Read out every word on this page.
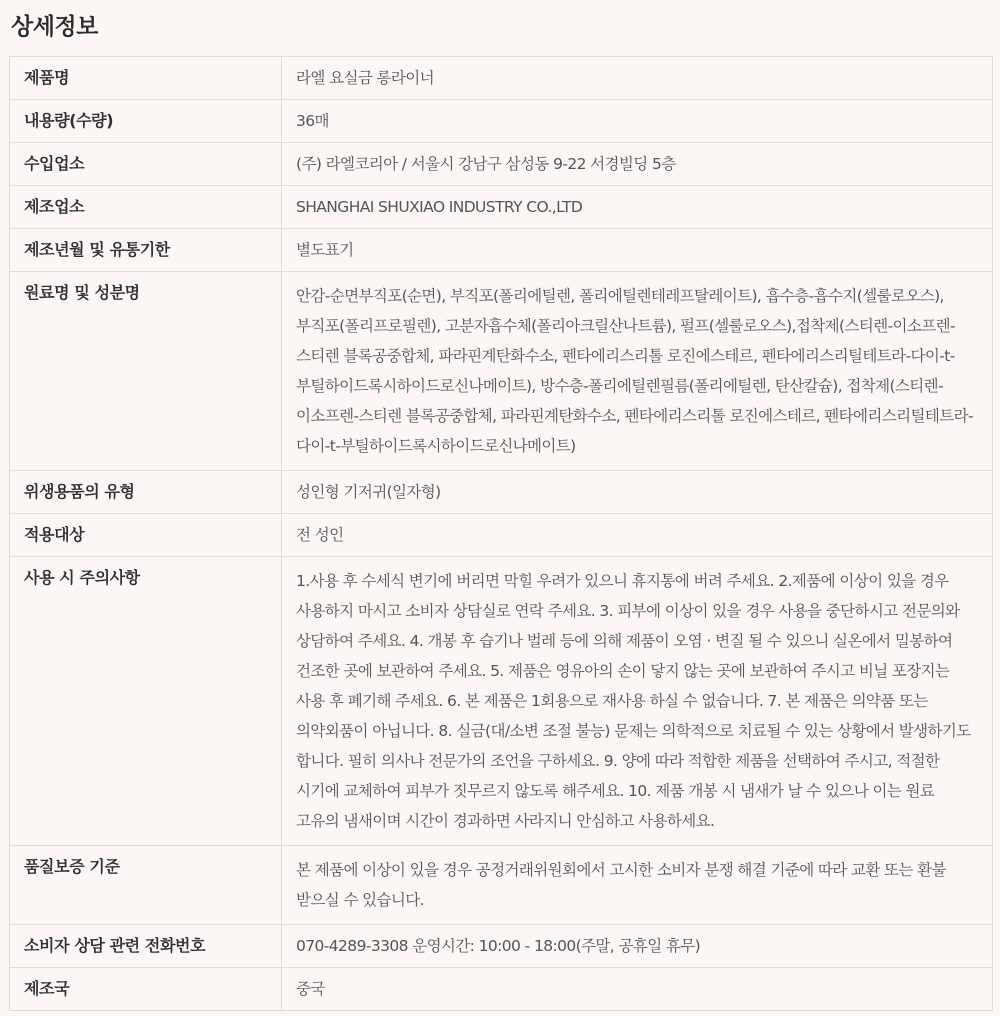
상세정보
제품명	라엘 요실금 롱라이너
내용량(수량)	36매
수입업소	(주) 라엘코리아 / 서울시 강남구 삼성동 9-22 서경빌딩 5층
제조업소	SHANGHAI SHUXIAO INDUSTRY CO.,LTD
제조년월 및 유통기한	별도표기
원료명 및 성분명	안감-순면부직포(순면), 부직포(폴리에틸렌, 폴리에틸렌테레프탈레이트), 흡수층-흡수지(셀룰로오스), 부직포(폴리프로필렌), 고분자흡수체(폴리아크릴산나트륨), 펄프(셀룰로오스),접착제(스티렌-이소프렌-스티렌 블록공중합체, 파라핀계탄화수소, 펜타에리스리톨 로진에스테르, 펜타에리스리틸테트라-다이-t-부틸하이드록시하이드로신나메이트), 방수층-폴리에틸렌필름(폴리에틸렌, 탄산칼슘), 접착제(스티렌-이소프렌-스티렌 블록공중합체, 파라핀계탄화수소, 펜타에리스리톨 로진에스테르, 펜타에리스리틸테트라-다이-t-부틸하이드록시하이드로신나메이트)
위생용품의 유형	성인형 기저귀(일자형)
적용대상	전 성인
사용 시 주의사항	1.사용 후 수세식 변기에 버리면 막힐 우려가 있으니 휴지통에 버려 주세요. 2.제품에 이상이 있을 경우 사용하지 마시고 소비자 상담실로 연락 주세요. 3. 피부에 이상이 있을 경우 사용을 중단하시고 전문의와 상담하여 주세요. 4. 개봉 후 습기나 벌레 등에 의해 제품이 오염 · 변질 될 수 있으니 실온에서 밀봉하여 건조한 곳에 보관하여 주세요. 5. 제품은 영유아의 손이 닿지 않는 곳에 보관하여 주시고 비닐 포장지는 사용 후 폐기해 주세요. 6. 본 제품은 1회용으로 재사용 하실 수 없습니다. 7. 본 제품은 의약품 또는 의약외품이 아닙니다. 8. 실금(대/소변 조절 불능) 문제는 의학적으로 치료될 수 있는 상황에서 발생하기도 합니다. 필히 의사나 전문가의 조언을 구하세요. 9. 양에 따라 적합한 제품을 선택하여 주시고, 적절한 시기에 교체하여 피부가 짓무르지 않도록 해주세요. 10. 제품 개봉 시 냄새가 날 수 있으나 이는 원료 고유의 냄새이며 시간이 경과하면 사라지니 안심하고 사용하세요.
품질보증 기준	본 제품에 이상이 있을 경우 공정거래위원회에서 고시한 소비자 분쟁 해결 기준에 따라 교환 또는 환불 받으실 수 있습니다.
소비자 상담 관련 전화번호	070-4289-3308 운영시간: 10:00 - 18:00(주말, 공휴일 휴무)
제조국	중국
